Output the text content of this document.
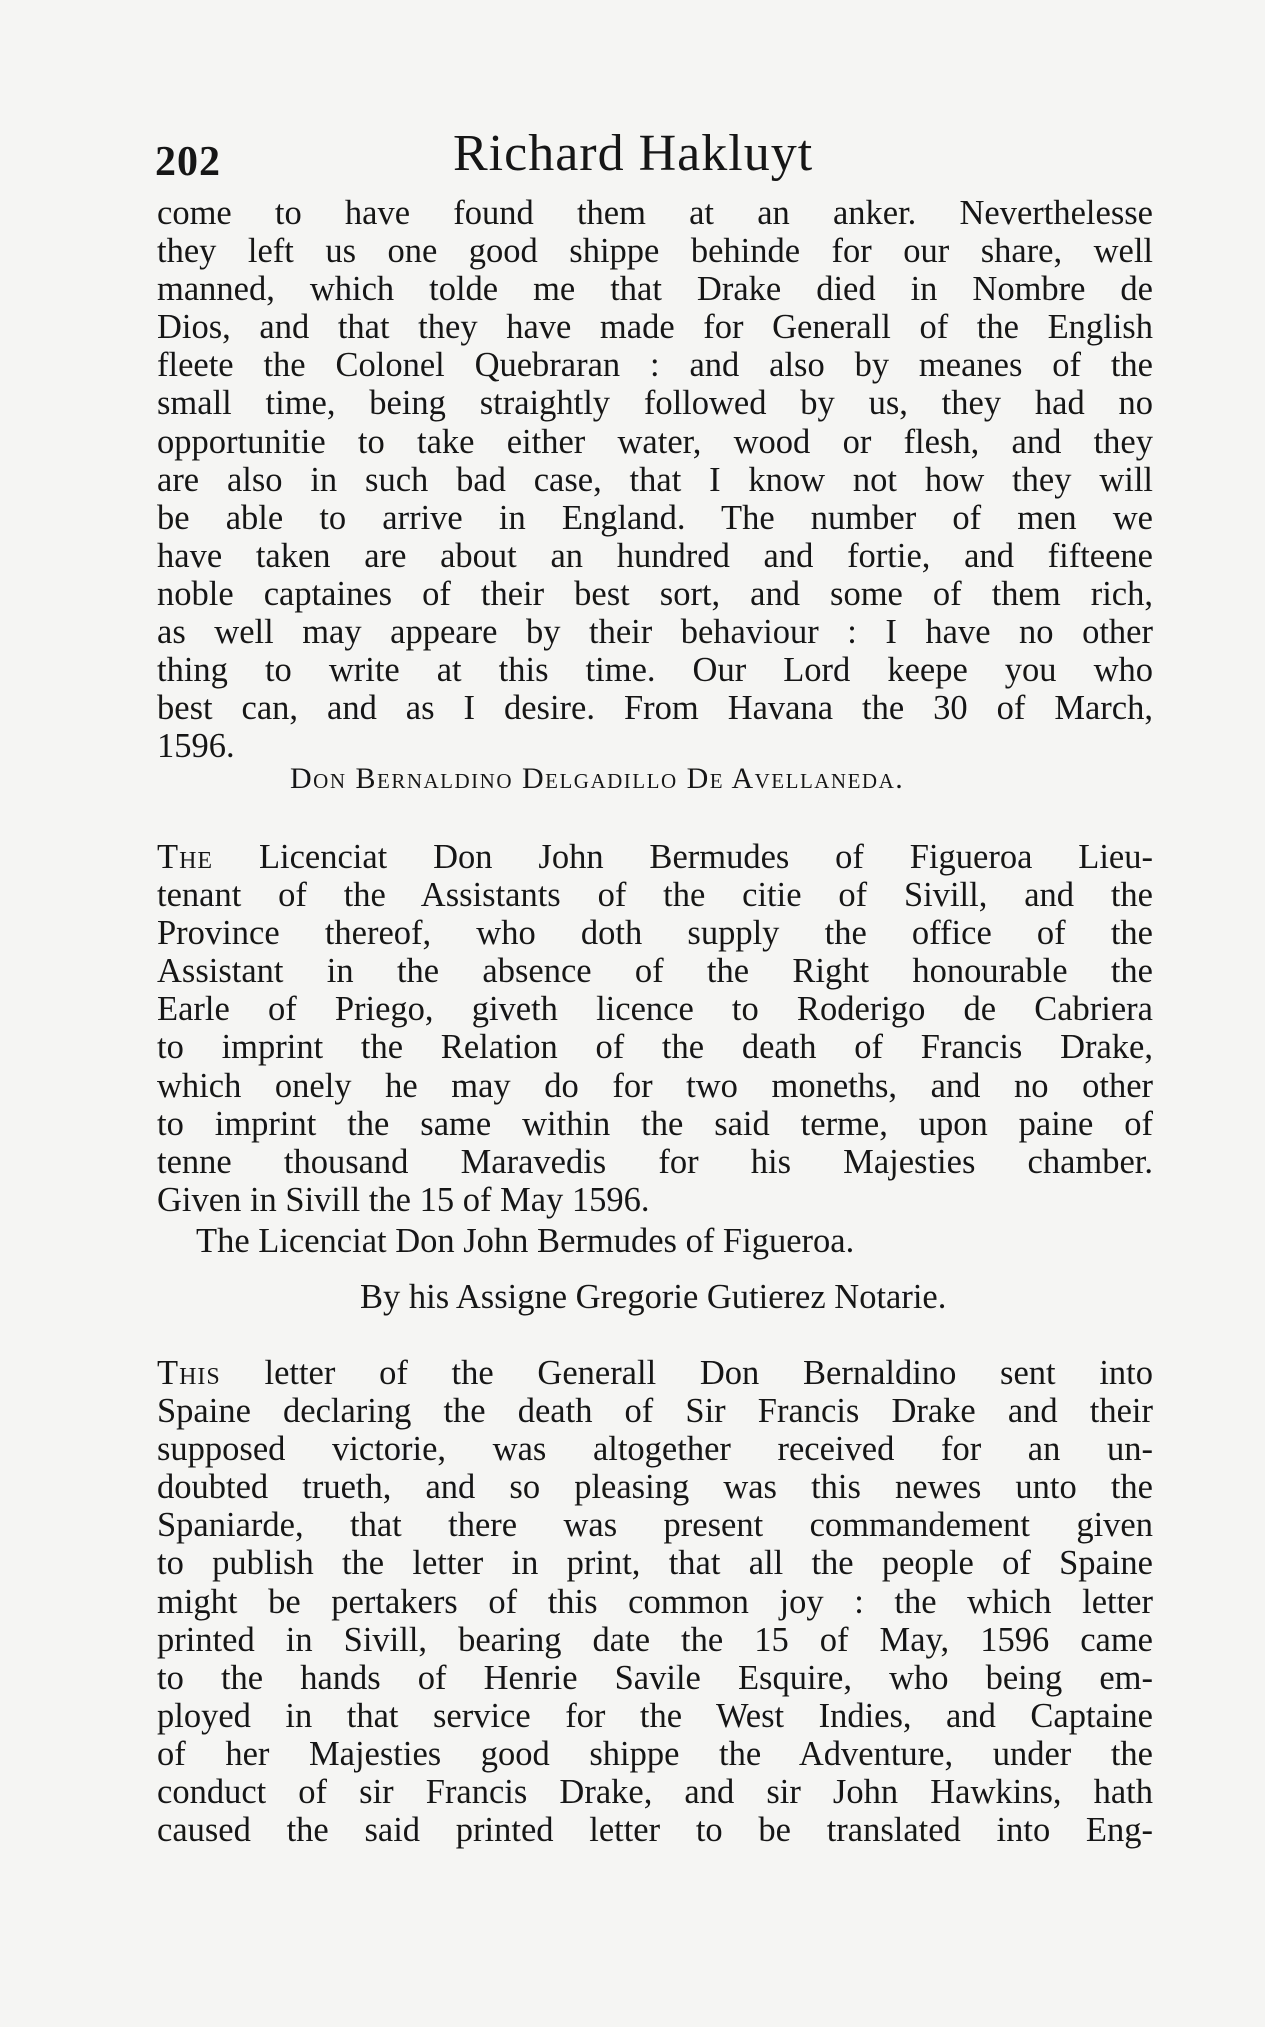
202	Richard Hakluyt
come to have found them at an anker. Neverthelesse
they left us one good shippe behinde for our share, well
manned, which tolde me that Drake died in Nombre de
Dios, and that they have made for Generall of the English
fleete the Colonel Quebraran : and also by meanes of the
small time, being straightly followed by us, they had no
opportunitie to take either water, wood or flesh, and they
are also in such bad case, that I know not how they will
be able to arrive in England. The number of men we
have taken are about an hundred and fortie, and fifteene
noble captaines of their best sort, and some of them rich,
as well may appeare by their behaviour : I have no other
thing to write at this time. Our Lord keepe you who
best can, and as I desire. From Havana the 30 of March,
1596.
Don Bernaldino Delgadillo De Avellaneda.
The Licenciat Don John Bermudes of Figueroa Lieu-
tenant of the Assistants of the citie of Sivill, and the
Province thereof, who doth supply the office of the
Assistant in the absence of the Right honourable the
Earle of Priego, giveth licence to Roderigo de Cabriera
to imprint the Relation of the death of Francis Drake,
which onely he may do for two moneths, and no other
to imprint the same within the said terme, upon paine of
tenne thousand Maravedis for his Majesties chamber.
Given in Sivill the 15 of May 1596.
The Licenciat Don John Bermudes of Figueroa.
By his Assigne Gregorie Gutierez Notarie.
This letter of the Generall Don Bernaldino sent into
Spaine declaring the death of Sir Francis Drake and their
supposed victorie, was altogether received for an un-
doubted trueth, and so pleasing was this newes unto the
Spaniarde, that there was present commandement given
to publish the letter in print, that all the people of Spaine
might be pertakers of this common joy : the which letter
printed in Sivill, bearing date the 15 of May, 1596 came
to the hands of Henrie Savile Esquire, who being em-
ployed in that service for the West Indies, and Captaine
of her Majesties good shippe the Adventure, under the
conduct of sir Francis Drake, and sir John Hawkins, hath
caused the said printed letter to be translated into Eng-
